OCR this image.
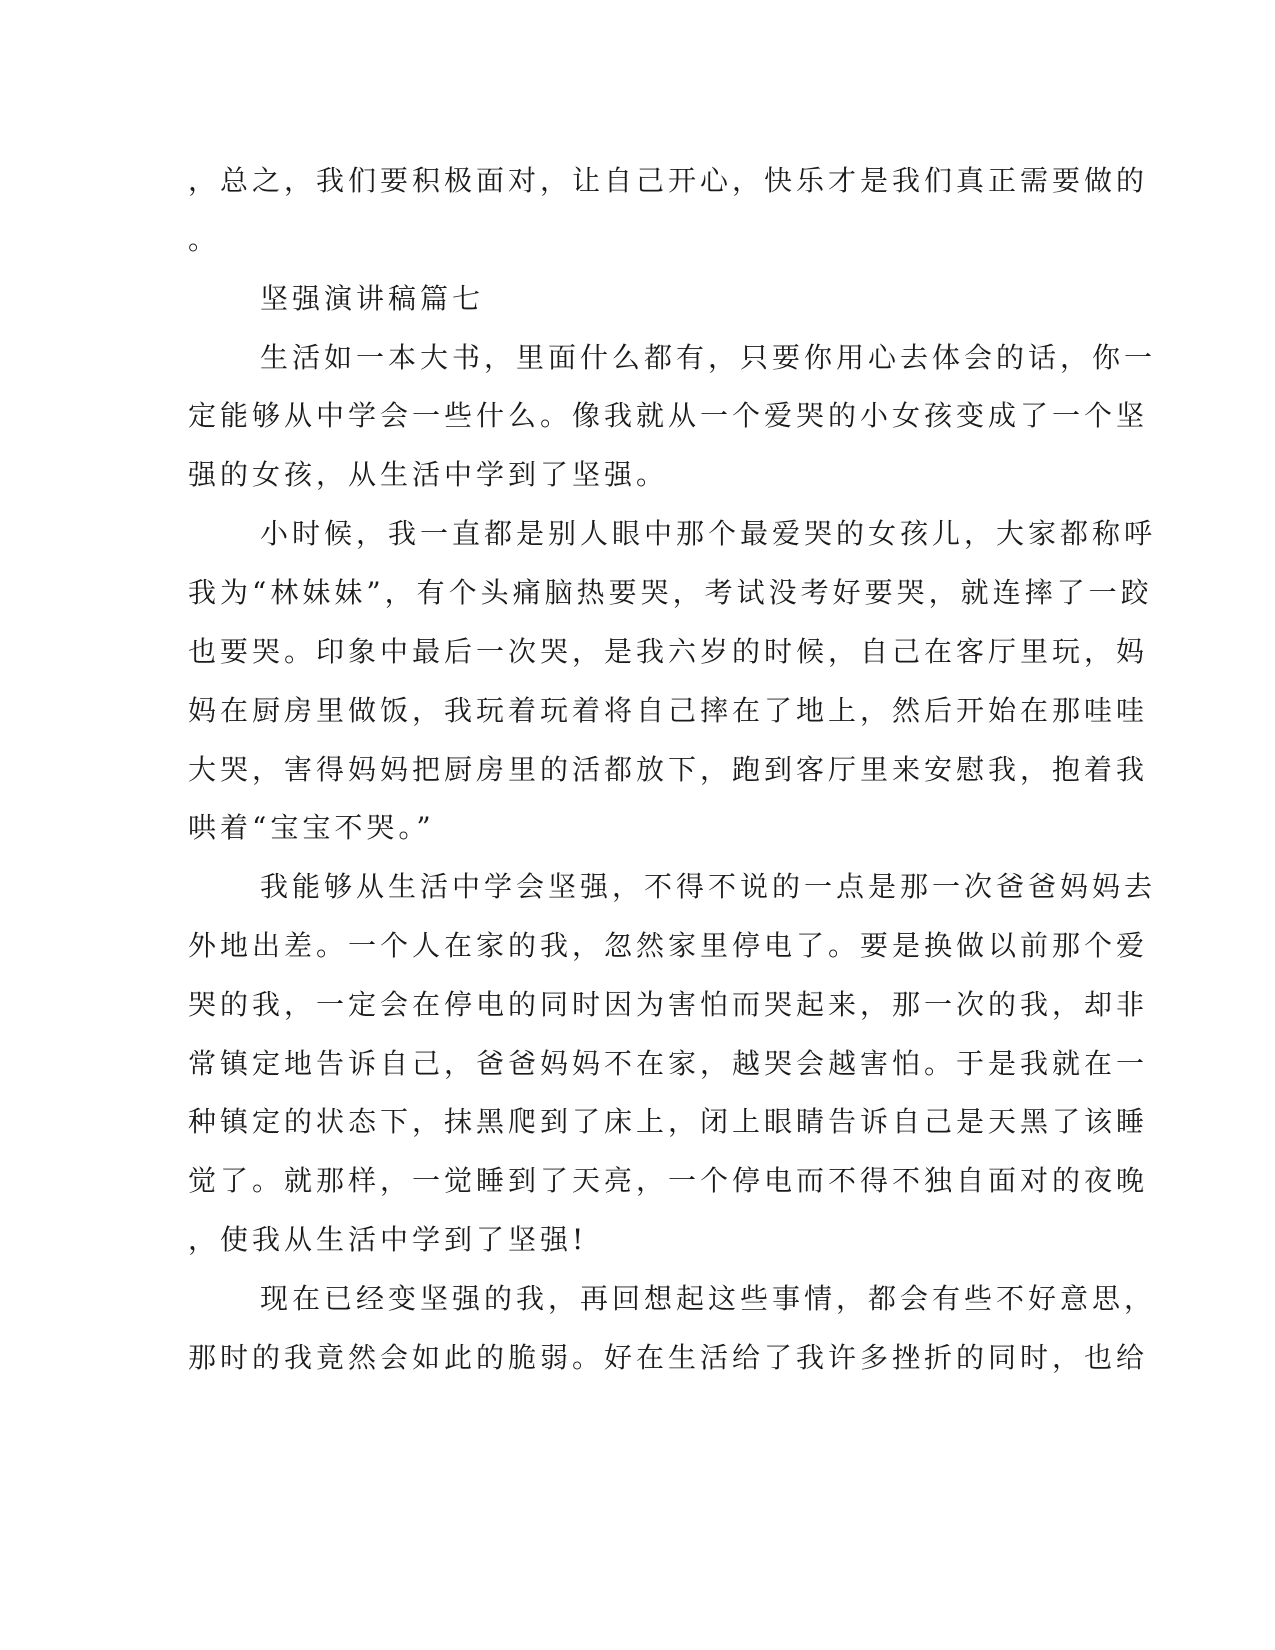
，总之，我们要积极面对，让自己开心，快乐才是我们真正需要做的
。
坚强演讲稿篇七
生活如一本大书，里面什么都有，只要你用心去体会的话，你一
定能够从中学会一些什么。像我就从一个爱哭的小女孩变成了一个坚
强的女孩，从生活中学到了坚强。
小时候，我一直都是别人眼中那个最爱哭的女孩儿，大家都称呼
我为“林妹妹”，有个头痛脑热要哭，考试没考好要哭，就连摔了一跤
也要哭。印象中最后一次哭，是我六岁的时候，自己在客厅里玩，妈
妈在厨房里做饭，我玩着玩着将自己摔在了地上，然后开始在那哇哇
大哭，害得妈妈把厨房里的活都放下，跑到客厅里来安慰我，抱着我
哄着“宝宝不哭。”
我能够从生活中学会坚强，不得不说的一点是那一次爸爸妈妈去
外地出差。一个人在家的我，忽然家里停电了。要是换做以前那个爱
哭的我，一定会在停电的同时因为害怕而哭起来，那一次的我，却非
常镇定地告诉自己，爸爸妈妈不在家，越哭会越害怕。于是我就在一
种镇定的状态下，抹黑爬到了床上，闭上眼睛告诉自己是天黑了该睡
觉了。就那样，一觉睡到了天亮，一个停电而不得不独自面对的夜晚
，使我从生活中学到了坚强!
现在已经变坚强的我，再回想起这些事情，都会有些不好意思，
那时的我竟然会如此的脆弱。好在生活给了我许多挫折的同时，也给
